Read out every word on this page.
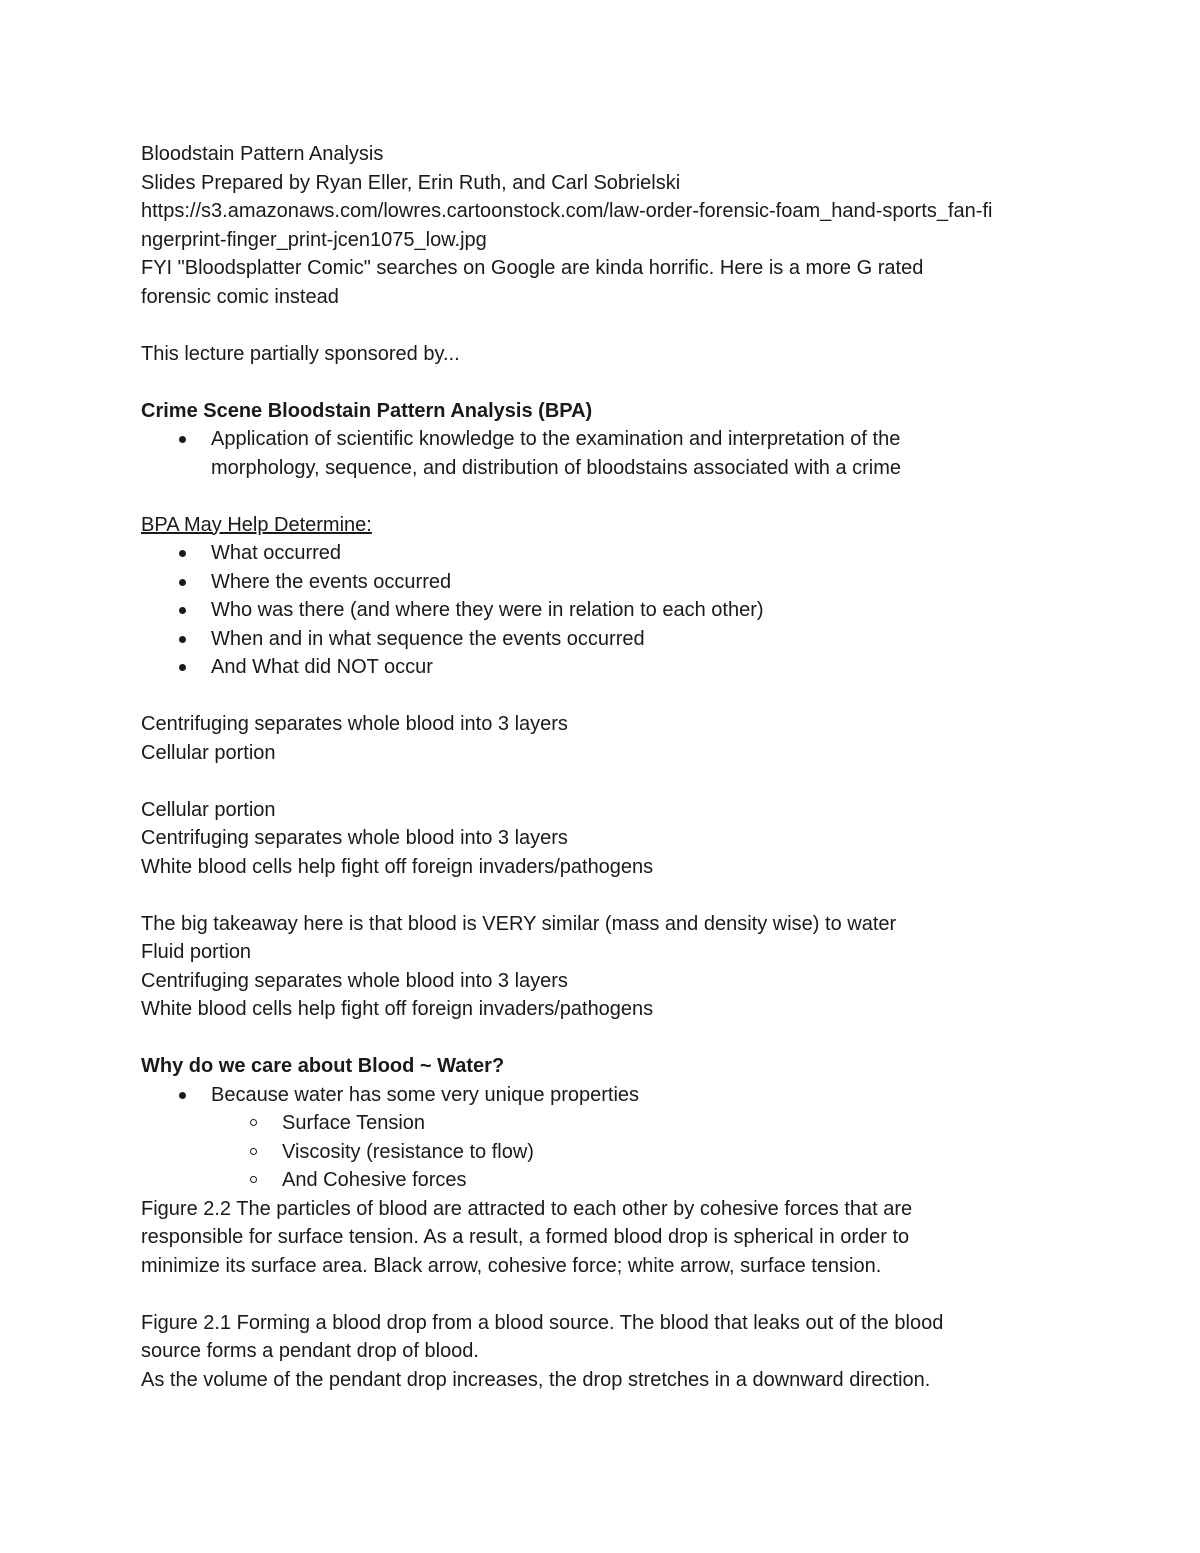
Bloodstain Pattern Analysis
Slides Prepared by Ryan Eller, Erin Ruth, and Carl Sobrielski
https://s3.amazonaws.com/lowres.cartoonstock.com/law-order-forensic-foam_hand-sports_fan-fi
ngerprint-finger_print-jcen1075_low.jpg
FYI "Bloodsplatter Comic" searches on Google are kinda horrific. Here is a more G rated
forensic comic instead
This lecture partially sponsored by...
Crime Scene Bloodstain Pattern Analysis (BPA)
Application of scientific knowledge to the examination and interpretation of the
morphology, sequence, and distribution of bloodstains associated with a crime
BPA May Help Determine:
What occurred
Where the events occurred
Who was there (and where they were in relation to each other)
When and in what sequence the events occurred
And What did NOT occur
Centrifuging separates whole blood into 3 layers
Cellular portion
Cellular portion
Centrifuging separates whole blood into 3 layers
White blood cells help fight off foreign invaders/pathogens
The big takeaway here is that blood is VERY similar (mass and density wise) to water
Fluid portion
Centrifuging separates whole blood into 3 layers
White blood cells help fight off foreign invaders/pathogens
Why do we care about Blood ~ Water?
Because water has some very unique properties
Surface Tension
Viscosity (resistance to flow)
And Cohesive forces
Figure 2.2 The particles of blood are attracted to each other by cohesive forces that are
responsible for surface tension. As a result, a formed blood drop is spherical in order to
minimize its surface area. Black arrow, cohesive force; white arrow, surface tension.
Figure 2.1 Forming a blood drop from a blood source. The blood that leaks out of the blood
source forms a pendant drop of blood.
As the volume of the pendant drop increases, the drop stretches in a downward direction.
